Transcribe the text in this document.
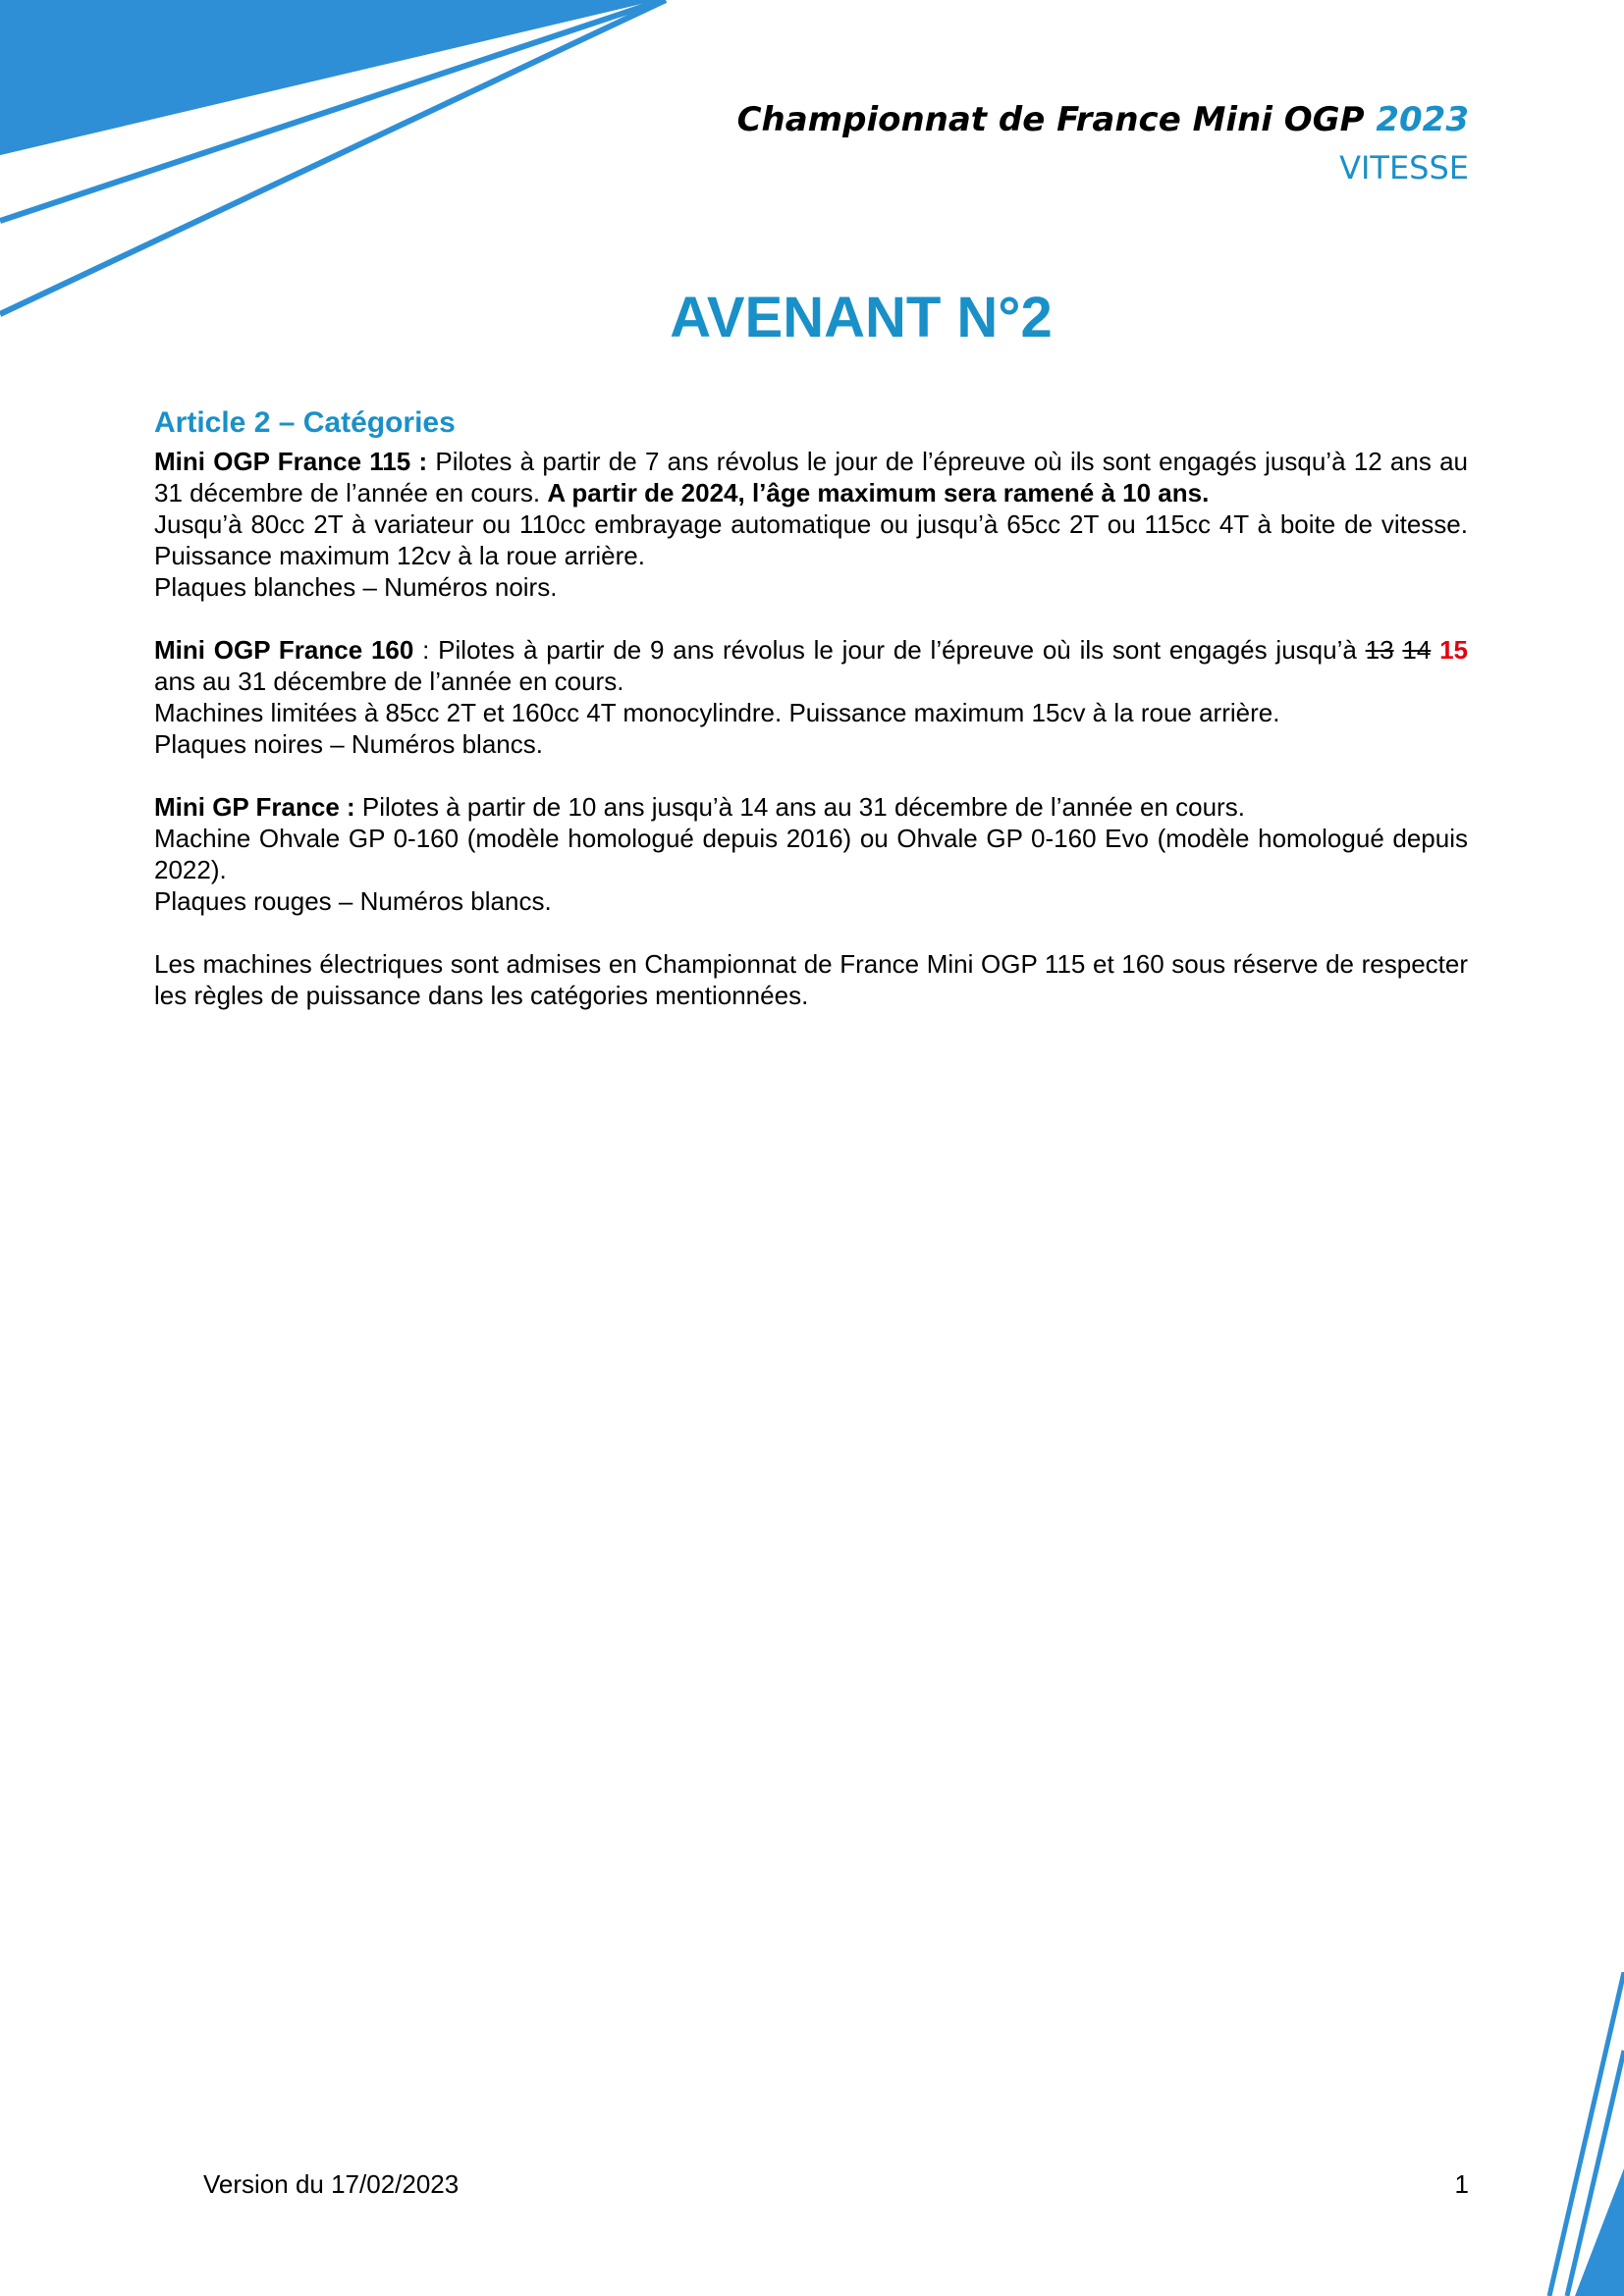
Championnat de France Mini OGP 2023
VITESSE
AVENANT N°2
Article 2 – Catégories

Mini OGP France 115 : Pilotes à partir de 7 ans révolus le jour de l’épreuve où ils sont engagés jusqu’à 12 ans au 31 décembre de l’année en cours. A partir de 2024, l’âge maximum sera ramené à 10 ans.

Jusqu’à 80cc 2T à variateur ou 110cc embrayage automatique ou jusqu’à 65cc 2T ou 115cc 4T à boite de vitesse. Puissance maximum 12cv à la roue arrière.

Plaques blanches – Numéros noirs.

Mini OGP France 160 : Pilotes à partir de 9 ans révolus le jour de l’épreuve où ils sont engagés jusqu’à 13 14 15 ans au 31 décembre de l’année en cours.

Machines limitées à 85cc 2T et 160cc 4T monocylindre. Puissance maximum 15cv à la roue arrière.

Plaques noires – Numéros blancs.

Mini GP France : Pilotes à partir de 10 ans jusqu’à 14 ans au 31 décembre de l’année en cours.

Machine Ohvale GP 0-160 (modèle homologué depuis 2016) ou Ohvale GP 0-160 Evo (modèle homologué depuis 2022).

Plaques rouges – Numéros blancs.

Les machines électriques sont admises en Championnat de France Mini OGP 115 et 160 sous réserve de respecter les règles de puissance dans les catégories mentionnées.

Version du 17/02/2023	1
